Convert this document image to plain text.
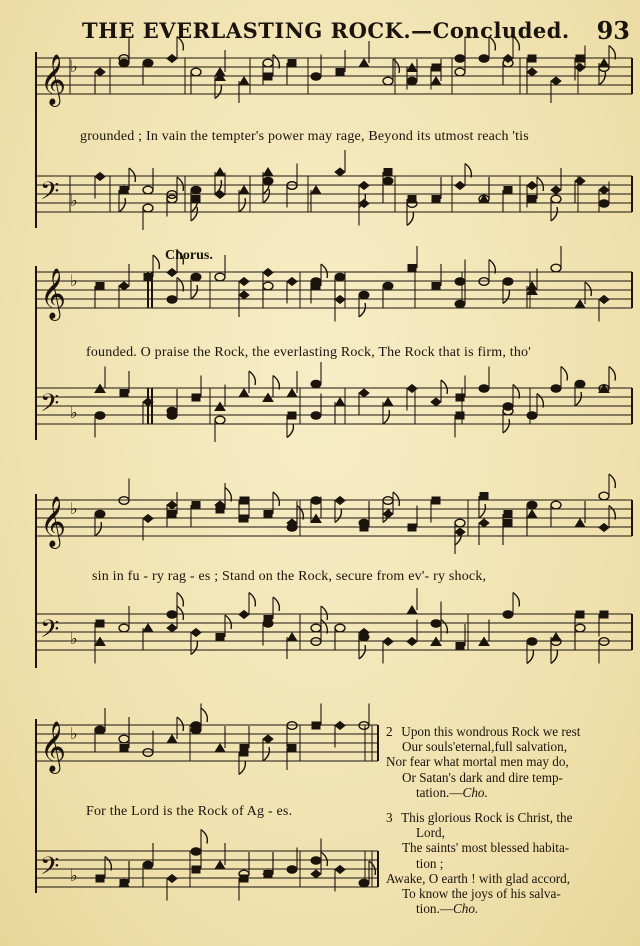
THE EVERLASTING ROCK.—Concluded. 93
𝄞 ♭
𝄢 ♭
𝄞 ♭
𝄢 ♭
𝄞 ♭
𝄢 ♭
𝄞 ♭
𝄢 ♭
grounded ; In vain the tempter's power may rage, Beyond its utmost reach 'tis
Chorus.
founded. O praise the Rock, the everlasting Rock, The Rock that is firm, tho'
sin in fu - ry rag - es ; Stand on the Rock, secure from ev'- ry shock,
For the Lord is the Rock of Ag - es.
2 Upon this wondrous Rock we rest
Our souls'eternal,full salvation,
Nor fear what mortal men may do,
Or Satan's dark and dire temp-
tation.—Cho.
3 This glorious Rock is Christ, the
Lord,
The saints' most blessed habita-
tion ;
Awake, O earth ! with glad accord,
To know the joys of his salva-
tion.—Cho.
